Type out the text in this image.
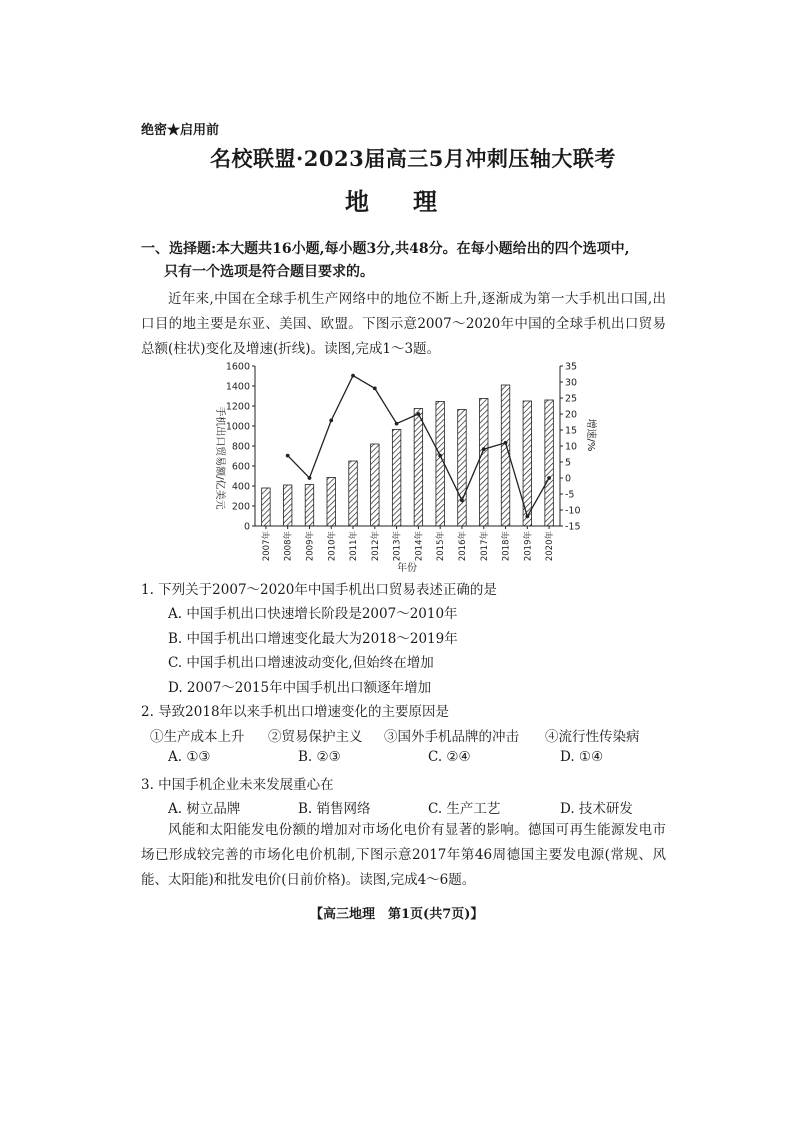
绝密★启用前
名校联盟·2023届高三5月冲刺压轴大联考
地理
一、选择题:本大题共16小题,每小题3分,共48分。在每小题给出的四个选项中,
只有一个选项是符合题目要求的。
近年来,中国在全球手机生产网络中的地位不断上升,逐渐成为第一大手机出口国,出口目的地主要是东亚、美国、欧盟。下图示意2007～2020年中国的全球手机出口贸易总额(柱状)变化及增速(折线)。读图,完成1～3题。
手机出口贸易额/亿美元	增速/%
0
200
400
600
800
1000
1200
1400
1600
-15
-10
-5
0
5
10
15
20
25
30
35
2007年 2008年 2009年 2010年 2011年 2012年 2013年 2014年 2015年 2016年 2017年 2018年 2019年 2020年
年份
1. 下列关于2007～2020年中国手机出口贸易表述正确的是
A. 中国手机出口快速增长阶段是2007～2010年
B. 中国手机出口增速变化最大为2018～2019年
C. 中国手机出口增速波动变化,但始终在增加
D. 2007～2015年中国手机出口额逐年增加
2. 导致2018年以来手机出口增速变化的主要原因是
①生产成本上升 ②贸易保护主义 ③国外手机品牌的冲击 ④流行性传染病
A. ①③	B. ②③	C. ②④	D. ①④
3. 中国手机企业未来发展重心在
A. 树立品牌	B. 销售网络	C. 生产工艺	D. 技术研发
风能和太阳能发电份额的增加对市场化电价有显著的影响。德国可再生能源发电市场已形成较完善的市场化电价机制,下图示意2017年第46周德国主要发电源(常规、风能、太阳能)和批发电价(日前价格)。读图,完成4～6题。
【高三地理　第1页(共7页)】
